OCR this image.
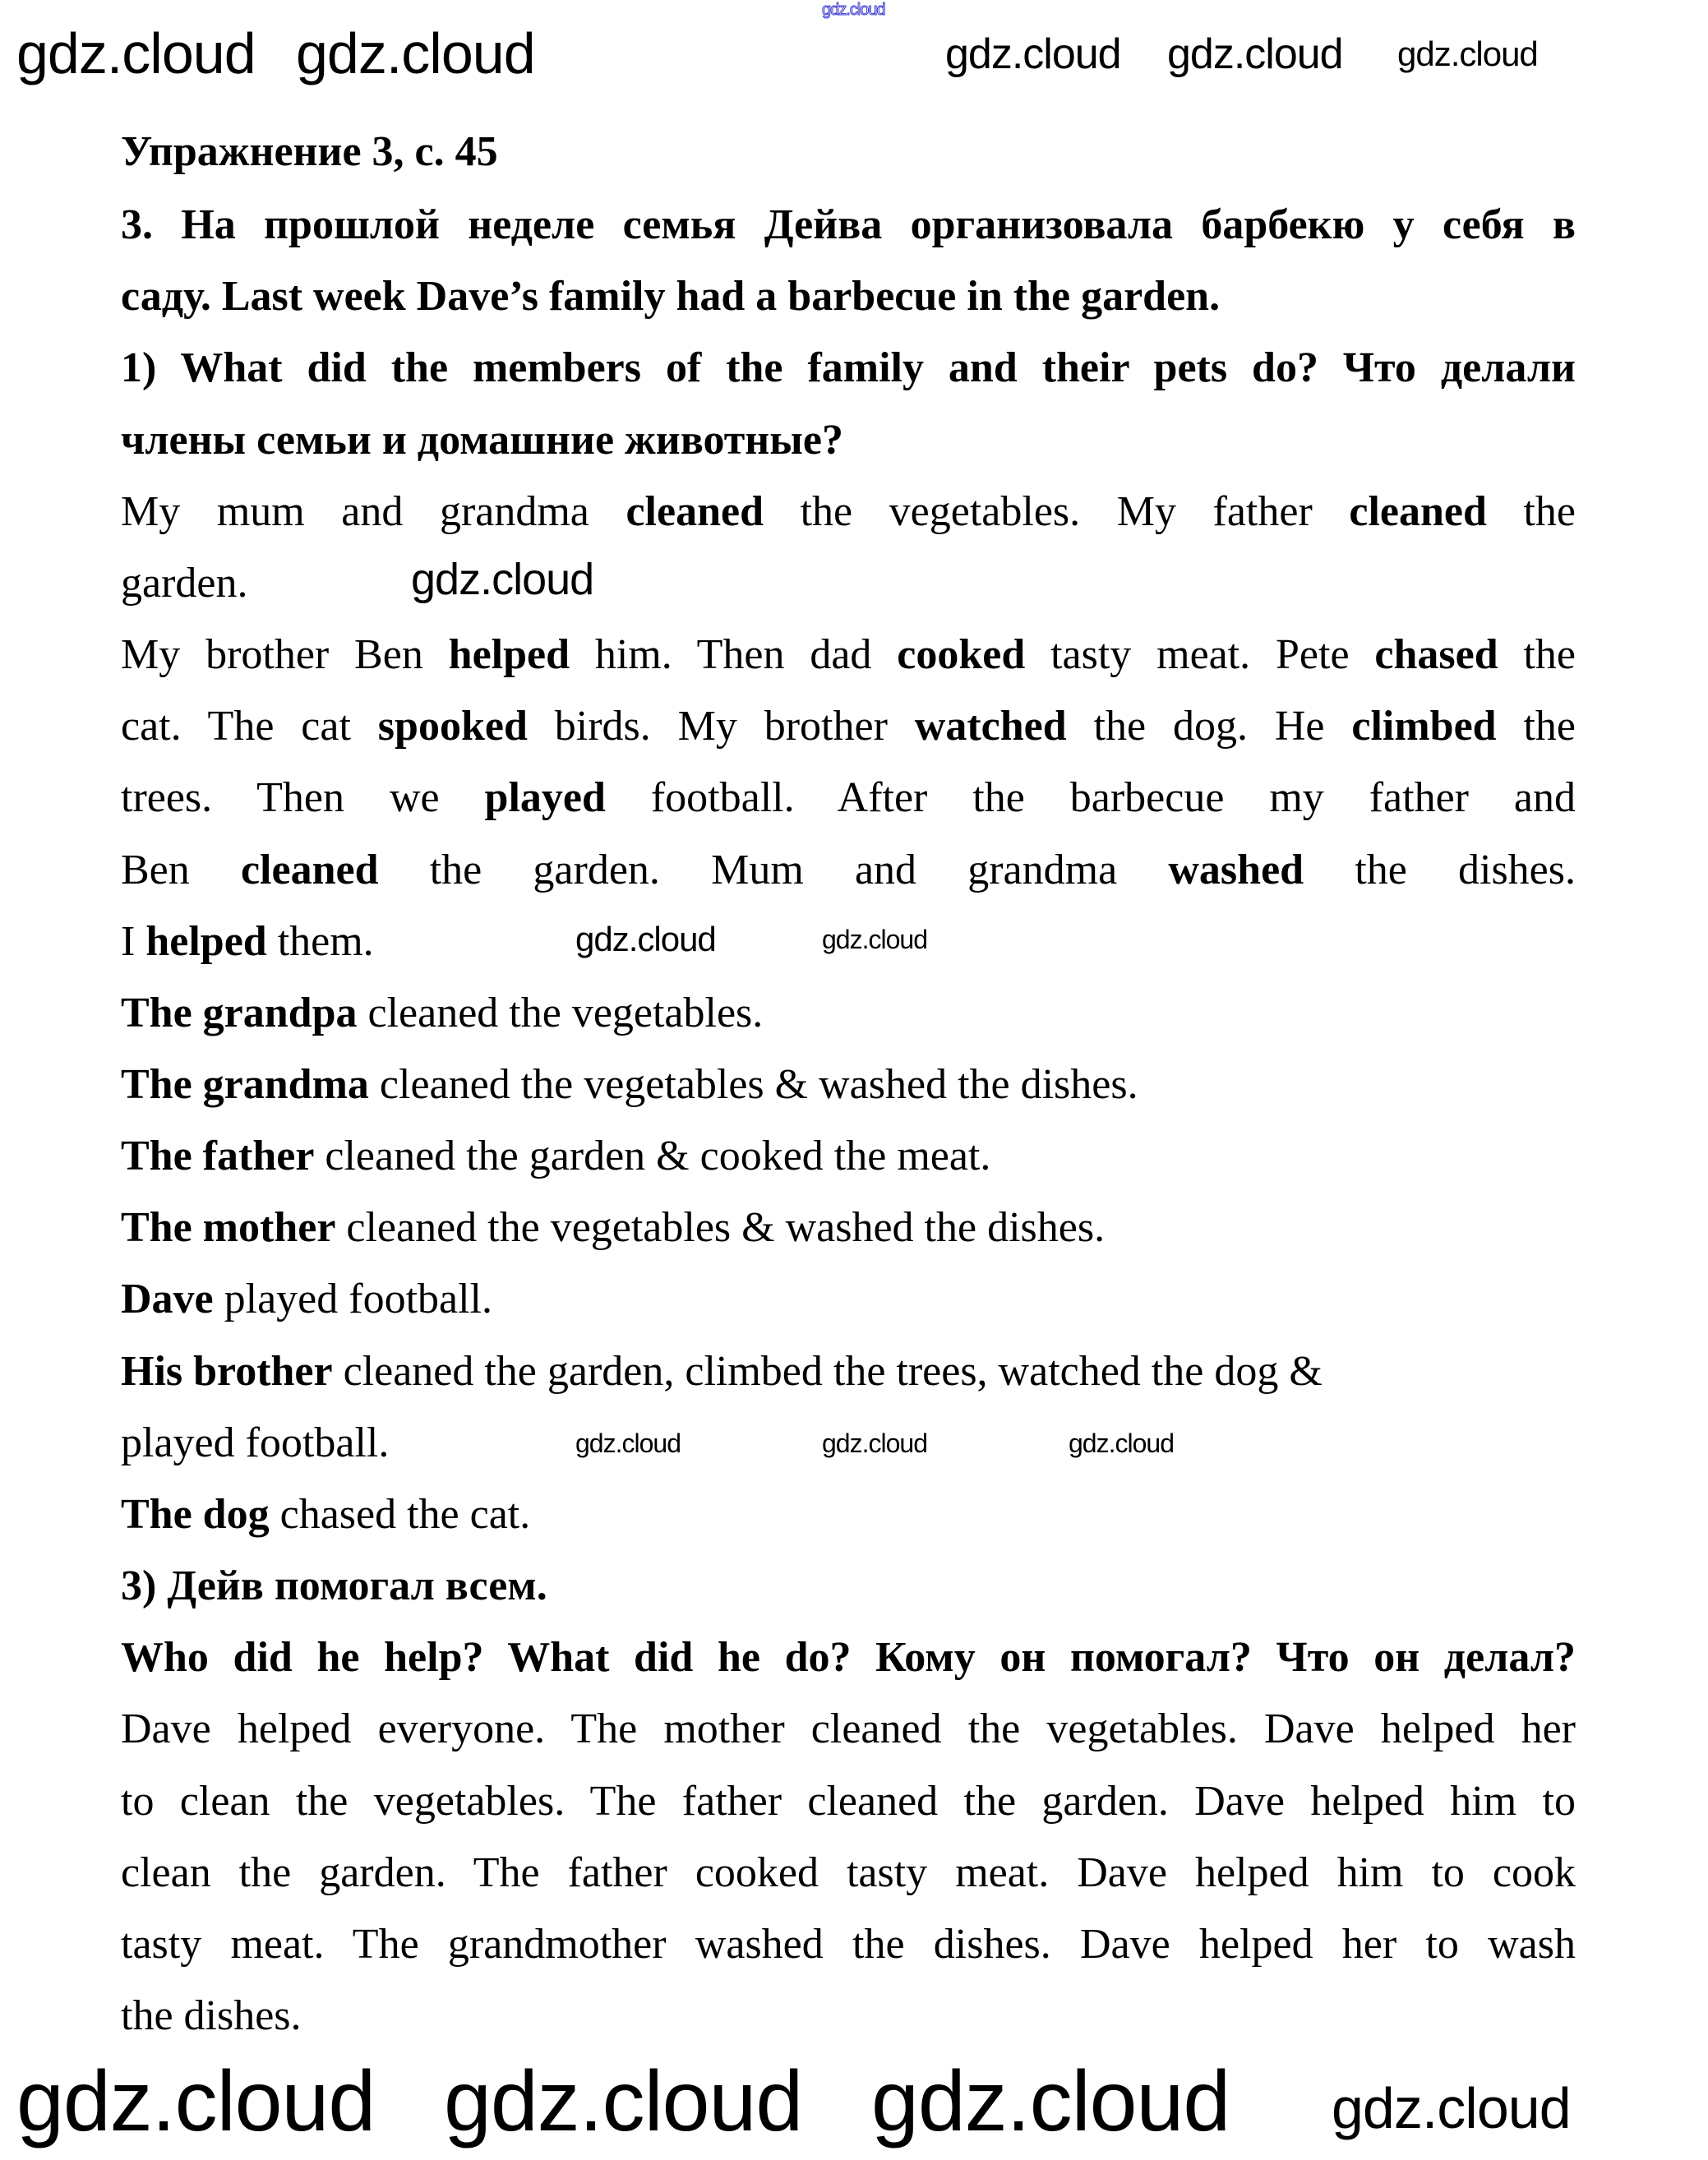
Упражнение 3, с. 45
3. На прошлой неделе семья Дейва организовала барбекю у себя в
саду. Last week Dave’s family had a barbecue in the garden.
1) What did the members of the family and their pets do? Что делали
члены семьи и домашние животные?
My mum and grandma cleaned the vegetables. My father cleaned the
garden.
My brother Ben helped him. Then dad cooked tasty meat. Pete chased the
cat. The cat spooked birds. My brother watched the dog. He climbed the
trees. Then we played football. After the barbecue my father and
Ben cleaned the garden. Mum and grandma washed the dishes.
I helped them.
The grandpa cleaned the vegetables.
The grandma cleaned the vegetables & washed the dishes.
The father cleaned the garden & cooked the meat.
The mother cleaned the vegetables & washed the dishes.
Dave played football.
His brother cleaned the garden, climbed the trees, watched the dog &
played football.
The dog chased the cat.
3) Дейв помогал всем.
Who did he help? What did he do? Кому он помогал? Что он делал?
Dave helped everyone. The mother cleaned the vegetables. Dave helped her
to clean the vegetables. The father cleaned the garden. Dave helped him to
clean the garden. The father cooked tasty meat. Dave helped him to cook
tasty meat. The grandmother washed the dishes. Dave helped her to wash
the dishes.
gdz.cloud
gdz.cloud
gdz.cloud
gdz.cloud gdz.cloud
gdz.cloud
gdz.cloud	gdz.cloud
gdz.cloud
gdz.cloud
gdz.cloud	gdz.cloud	gdz.cloud
gdz.cloud
gdz.cloud gdz.cloud
